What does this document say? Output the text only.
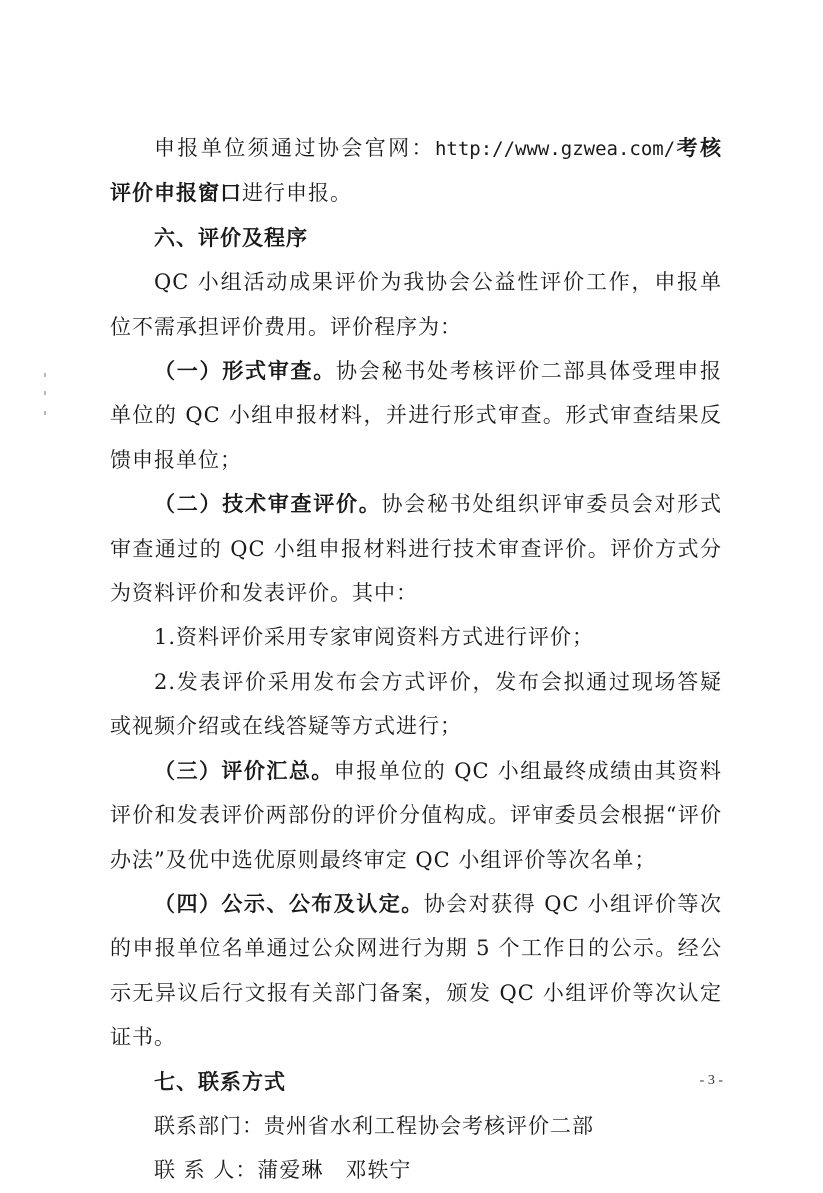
申报单位须通过协会官网：http://www.gzwea.com/考核评价申报窗口进行申报。

六、评价及程序

QC 小组活动成果评价为我协会公益性评价工作，申报单位不需承担评价费用。评价程序为：

（一）形式审查。协会秘书处考核评价二部具体受理申报单位的 QC 小组申报材料，并进行形式审查。形式审查结果反馈申报单位；

（二）技术审查评价。协会秘书处组织评审委员会对形式审查通过的 QC 小组申报材料进行技术审查评价。评价方式分为资料评价和发表评价。其中：

1.资料评价采用专家审阅资料方式进行评价；

2.发表评价采用发布会方式评价，发布会拟通过现场答疑或视频介绍或在线答疑等方式进行；

（三）评价汇总。申报单位的 QC 小组最终成绩由其资料评价和发表评价两部份的评价分值构成。评审委员会根据“评价办法”及优中选优原则最终审定 QC 小组评价等次名单；

（四）公示、公布及认定。协会对获得 QC 小组评价等次的申报单位名单通过公众网进行为期 5 个工作日的公示。经公示无异议后行文报有关部门备案，颁发 QC 小组评价等次认定证书。

七、联系方式

联系部门：贵州省水利工程协会考核评价二部

联 系 人：蒲爱琳　邓轶宁

- 3 -
